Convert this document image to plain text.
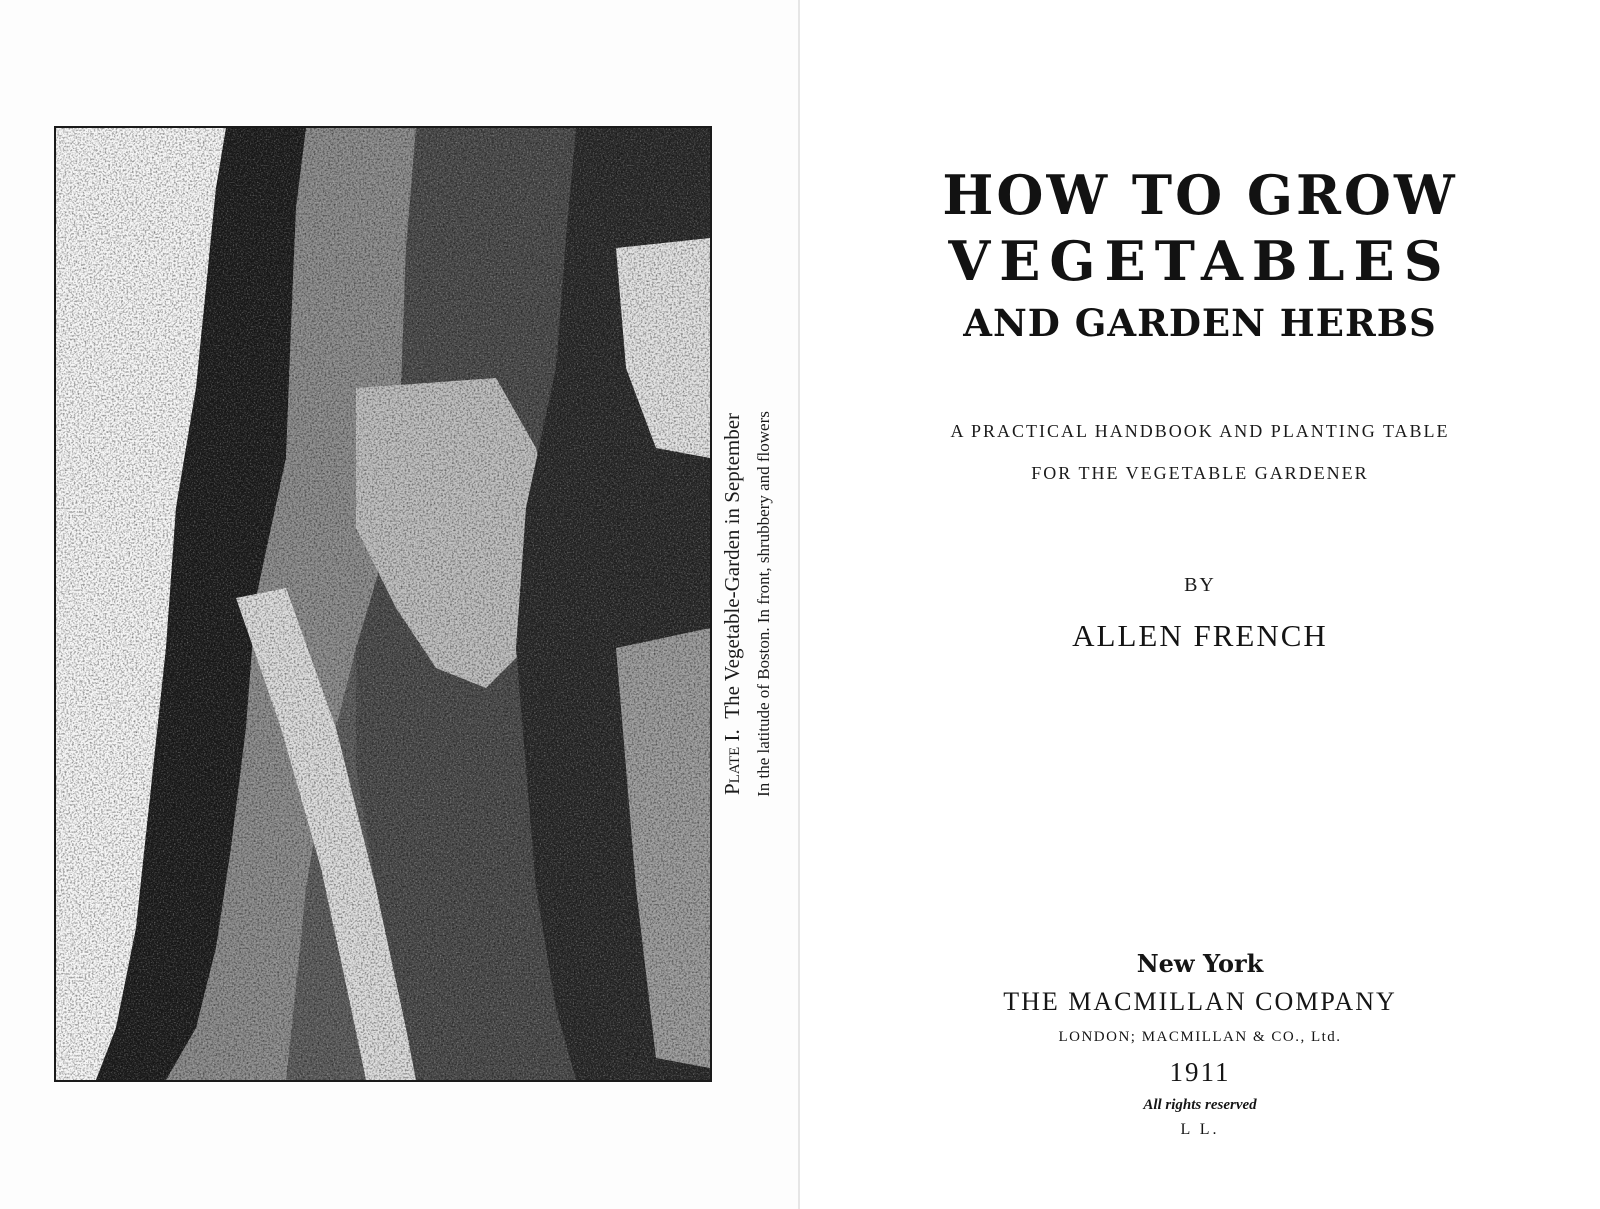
Plate I.  The Vegetable-Garden in September In the latitude of Boston. In front, shrubbery and flowers
HOW TO GROW
VEGETABLES
AND GARDEN HERBS
A PRACTICAL HANDBOOK AND PLANTING TABLE
FOR THE VEGETABLE GARDENER
BY
ALLEN FRENCH
New York
THE MACMILLAN COMPANY
LONDON; MACMILLAN & CO., Ltd.
1911
All rights reserved
L L.
